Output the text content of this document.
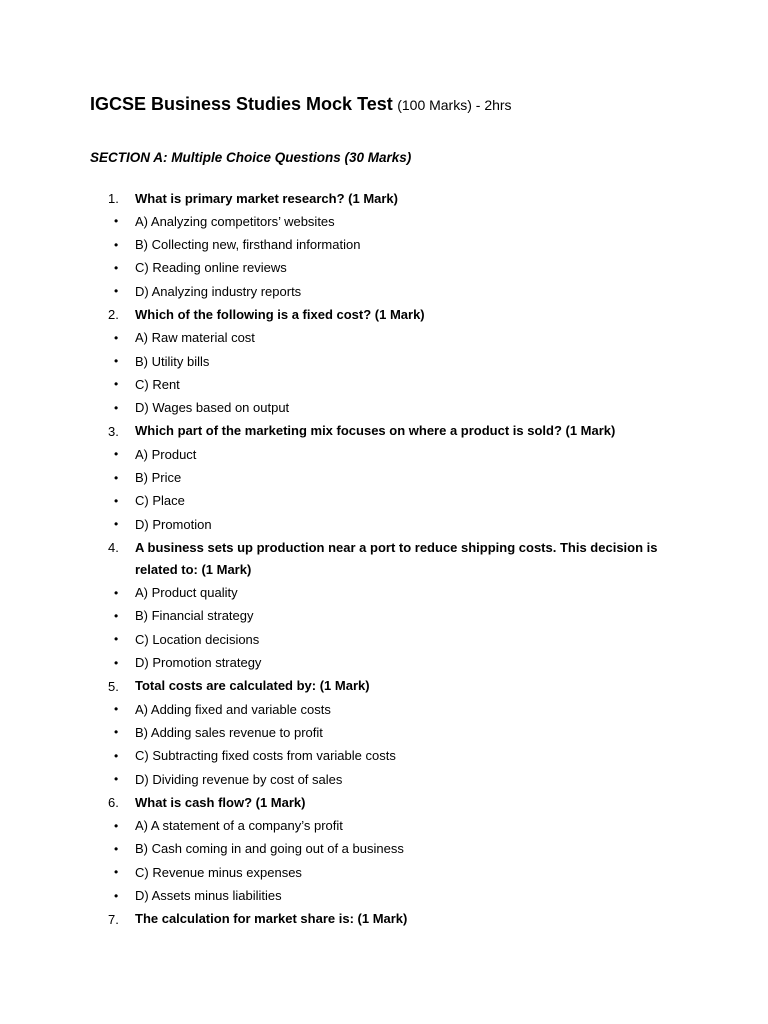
IGCSE Business Studies Mock Test (100 Marks) - 2hrs
SECTION A: Multiple Choice Questions (30 Marks)
1.	What is primary market research? (1 Mark)
•	A) Analyzing competitors’ websites
•	B) Collecting new, firsthand information
•	C) Reading online reviews
•	D) Analyzing industry reports
2.	Which of the following is a fixed cost? (1 Mark)
•	A) Raw material cost
•	B) Utility bills
•	C) Rent
•	D) Wages based on output
3.	Which part of the marketing mix focuses on where a product is sold? (1 Mark)
•	A) Product
•	B) Price
•	C) Place
•	D) Promotion
4.	A business sets up production near a port to reduce shipping costs. This decision is related to: (1 Mark)
•	A) Product quality
•	B) Financial strategy
•	C) Location decisions
•	D) Promotion strategy
5.	Total costs are calculated by: (1 Mark)
•	A) Adding fixed and variable costs
•	B) Adding sales revenue to profit
•	C) Subtracting fixed costs from variable costs
•	D) Dividing revenue by cost of sales
6.	What is cash flow? (1 Mark)
•	A) A statement of a company’s profit
•	B) Cash coming in and going out of a business
•	C) Revenue minus expenses
•	D) Assets minus liabilities
7.	The calculation for market share is: (1 Mark)
